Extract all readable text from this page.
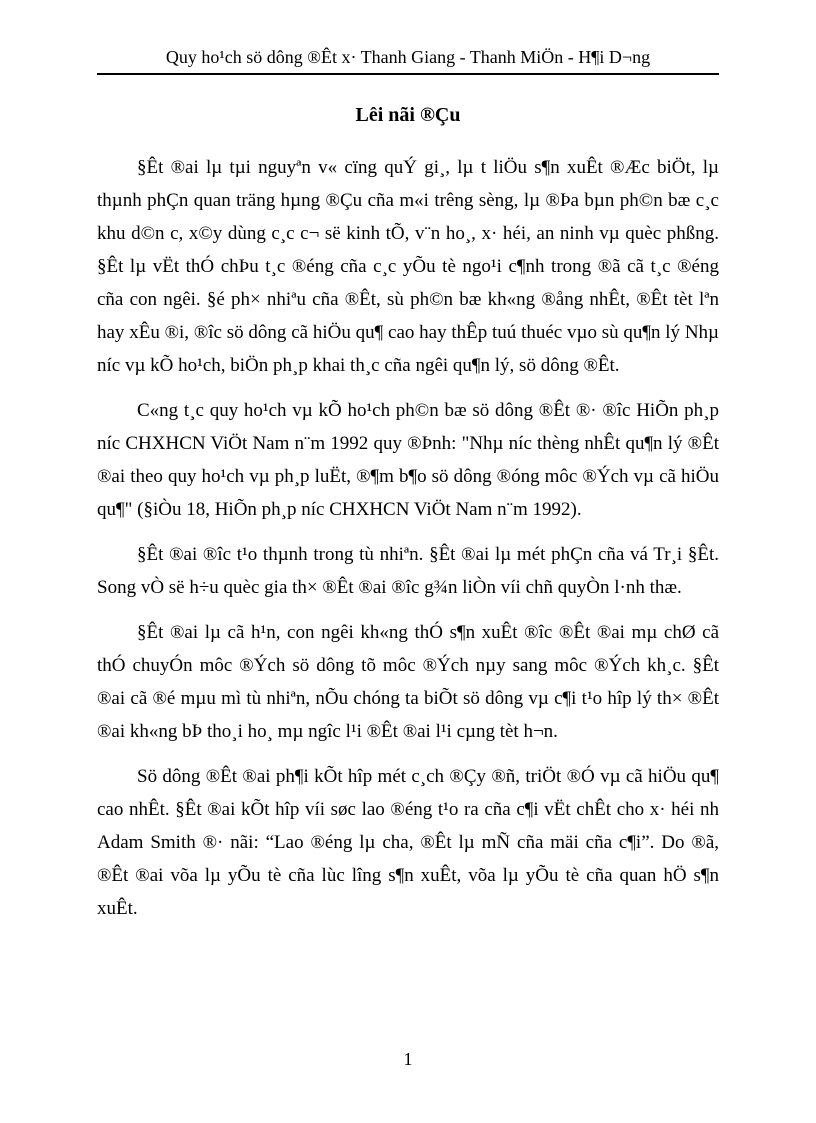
Quy ho¹ch sö dông ®Êt x· Thanh Giang - Thanh MiÖn - H¶i D¬ng
Lêi nãi ®Çu

§Êt ®ai lµ tµi nguyªn v« cïng quÝ gi¸, lµ t liÖu s¶n xuÊt ®Æc biÖt, lµ thµnh phÇn quan träng hµng ®Çu cña m«i trêng sèng, lµ ®Þa bµn ph©n bæ c¸c khu d©n c, x©y dùng c¸c c¬ së kinh tÕ, v¨n ho¸, x· héi, an ninh vµ quèc phßng. §Êt lµ vËt thÓ chÞu t¸c ®éng cña c¸c yÕu tè ngo¹i c¶nh trong ®ã cã t¸c ®éng cña con ngêi. §é ph× nhiªu cña ®Êt, sù ph©n bæ kh«ng ®ång nhÊt, ®Êt tèt lªn hay xÊu ®i, ®îc sö dông cã hiÖu qu¶ cao hay thÊp tuú thuéc vµo sù qu¶n lý Nhµ níc vµ kÕ ho¹ch, biÖn ph¸p khai th¸c cña ngêi qu¶n lý, sö dông ®Êt.

C«ng t¸c quy ho¹ch vµ kÕ ho¹ch ph©n bæ sö dông ®Êt ®· ®îc HiÕn ph¸p níc CHXHCN ViÖt Nam n¨m 1992 quy ®Þnh: "Nhµ níc thèng nhÊt qu¶n lý ®Êt ®ai theo quy ho¹ch vµ ph¸p luËt, ®¶m b¶o sö dông ®óng môc ®Ých vµ cã hiÖu qu¶" (§iÒu 18, HiÕn ph¸p níc CHXHCN ViÖt Nam n¨m 1992).

§Êt ®ai ®îc t¹o thµnh trong tù nhiªn. §Êt ®ai lµ mét phÇn cña vá Tr¸i §Êt. Song vÒ së h÷u quèc gia th× ®Êt ®ai ®îc g¾n liÒn víi chñ quyÒn l·nh thæ.

§Êt ®ai lµ cã h¹n, con ngêi kh«ng thÓ s¶n xuÊt ®îc ®Êt ®ai mµ chØ cã thÓ chuyÓn môc ®Ých sö dông tõ môc ®Ých nµy sang môc ®Ých kh¸c. §Êt ®ai cã ®é mµu mì tù nhiªn, nÕu chóng ta biÕt sö dông vµ c¶i t¹o hîp lý th× ®Êt ®ai kh«ng bÞ tho¸i ho¸ mµ ngîc l¹i ®Êt ®ai l¹i cµng tèt h¬n.

Sö dông ®Êt ®ai ph¶i kÕt hîp mét c¸ch ®Çy ®ñ, triÖt ®Ó vµ cã hiÖu qu¶ cao nhÊt. §Êt ®ai kÕt hîp víi søc lao ®éng t¹o ra cña c¶i vËt chÊt cho x· héi nh Adam Smith ®· nãi: “Lao ®éng lµ cha, ®Êt lµ mÑ cña mäi cña c¶i”. Do ®ã, ®Êt ®ai võa lµ yÕu tè cña lùc lîng s¶n xuÊt, võa lµ yÕu tè cña quan hÖ s¶n xuÊt.

1
